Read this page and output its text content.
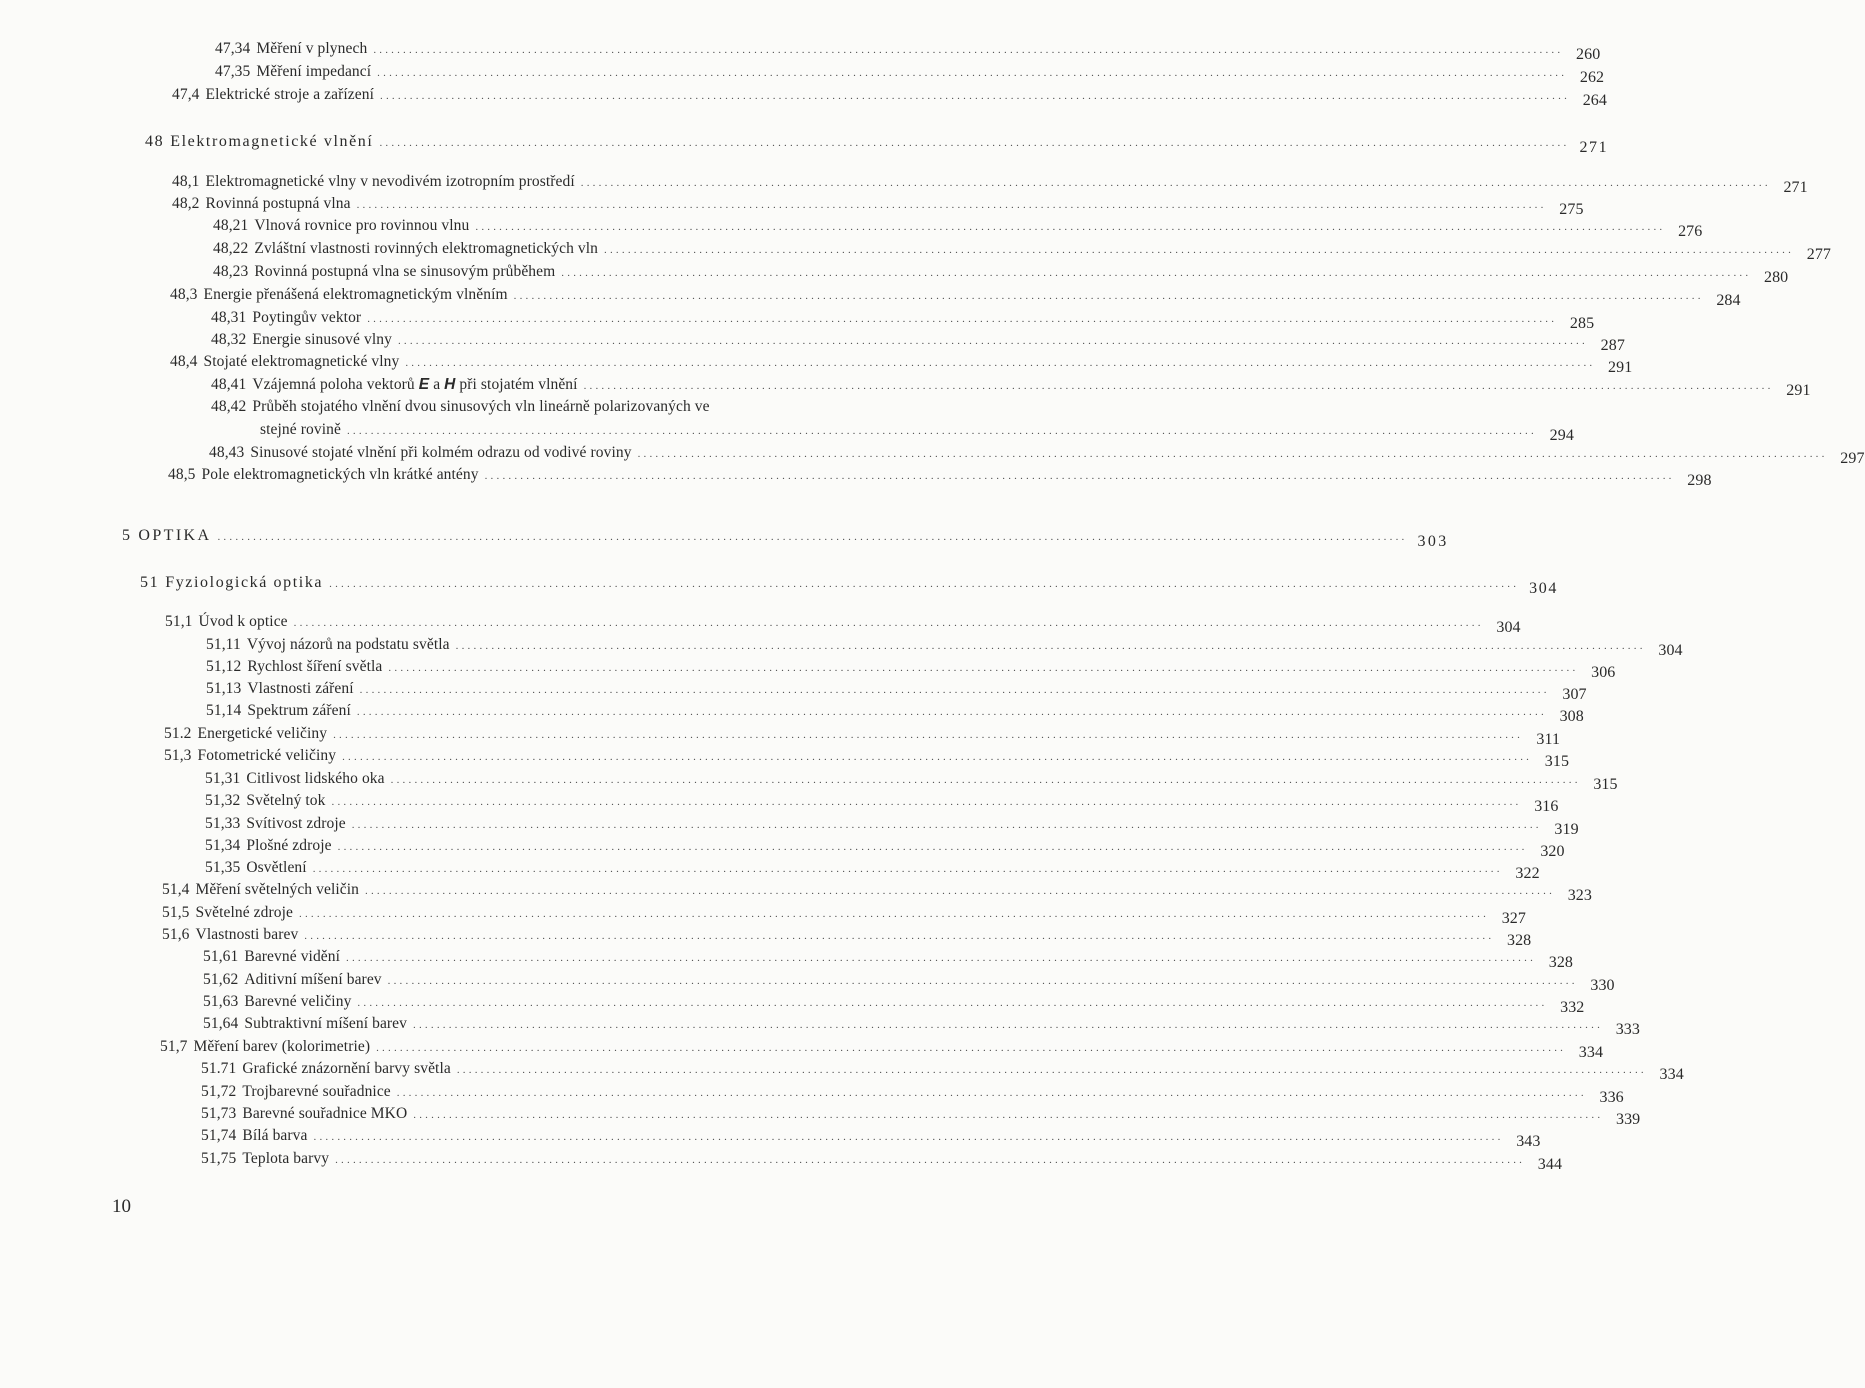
47,34 Měření v plynech ........................................................................................................................................................................................................ 260
47,35 Měření impedancí ........................................................................................................................................................................................................ 262
47,4 Elektrické stroje a zařízení ........................................................................................................................................................................................................ 264
48 Elektromagnetické vlnění ........................................................................................................................................................................................................ 271
48,1 Elektromagnetické vlny v nevodivém izotropním prostředí ........................................................................................................................................................................................................ 271
48,2 Rovinná postupná vlna ........................................................................................................................................................................................................ 275
48,21 Vlnová rovnice pro rovinnou vlnu ........................................................................................................................................................................................................ 276
48,22 Zvláštní vlastnosti rovinných elektromagnetických vln ........................................................................................................................................................................................................ 277
48,23 Rovinná postupná vlna se sinusovým průběhem ........................................................................................................................................................................................................ 280
48,3 Energie přenášená elektromagnetickým vlněním ........................................................................................................................................................................................................ 284
48,31 Poytingův vektor ........................................................................................................................................................................................................ 285
48,32 Energie sinusové vlny ........................................................................................................................................................................................................ 287
48,4 Stojaté elektromagnetické vlny ........................................................................................................................................................................................................ 291
48,41 Vzájemná poloha vektorů E a H při stojatém vlnění ........................................................................................................................................................................................................ 291
48,42 Průběh stojatého vlnění dvou sinusových vln lineárně polarizovaných ve
stejné rovině ........................................................................................................................................................................................................ 294
48,43 Sinusové stojaté vlnění při kolmém odrazu od vodivé roviny ........................................................................................................................................................................................................ 297
48,5 Pole elektromagnetických vln krátké antény ........................................................................................................................................................................................................ 298
5 OPTIKA ........................................................................................................................................................................................................ 303
51 Fyziologická optika ........................................................................................................................................................................................................ 304
51,1 Úvod k optice ........................................................................................................................................................................................................ 304
51,11 Vývoj názorů na podstatu světla ........................................................................................................................................................................................................ 304
51,12 Rychlost šíření světla ........................................................................................................................................................................................................ 306
51,13 Vlastnosti záření ........................................................................................................................................................................................................ 307
51,14 Spektrum záření ........................................................................................................................................................................................................ 308
51.2 Energetické veličiny ........................................................................................................................................................................................................ 311
51,3 Fotometrické veličiny ........................................................................................................................................................................................................ 315
51,31 Citlivost lidského oka ........................................................................................................................................................................................................ 315
51,32 Světelný tok ........................................................................................................................................................................................................ 316
51,33 Svítivost zdroje ........................................................................................................................................................................................................ 319
51,34 Plošné zdroje ........................................................................................................................................................................................................ 320
51,35 Osvětlení ........................................................................................................................................................................................................ 322
51,4 Měření světelných veličin ........................................................................................................................................................................................................ 323
51,5 Světelné zdroje ........................................................................................................................................................................................................ 327
51,6 Vlastnosti barev ........................................................................................................................................................................................................ 328
51,61 Barevné vidění ........................................................................................................................................................................................................ 328
51,62 Aditivní míšení barev ........................................................................................................................................................................................................ 330
51,63 Barevné veličiny ........................................................................................................................................................................................................ 332
51,64 Subtraktivní míšení barev ........................................................................................................................................................................................................ 333
51,7 Měření barev (kolorimetrie) ........................................................................................................................................................................................................ 334
51.71 Grafické znázornění barvy světla ........................................................................................................................................................................................................ 334
51,72 Trojbarevné souřadnice ........................................................................................................................................................................................................ 336
51,73 Barevné souřadnice MKO ........................................................................................................................................................................................................ 339
51,74 Bílá barva ........................................................................................................................................................................................................ 343
51,75 Teplota barvy ........................................................................................................................................................................................................ 344
10
